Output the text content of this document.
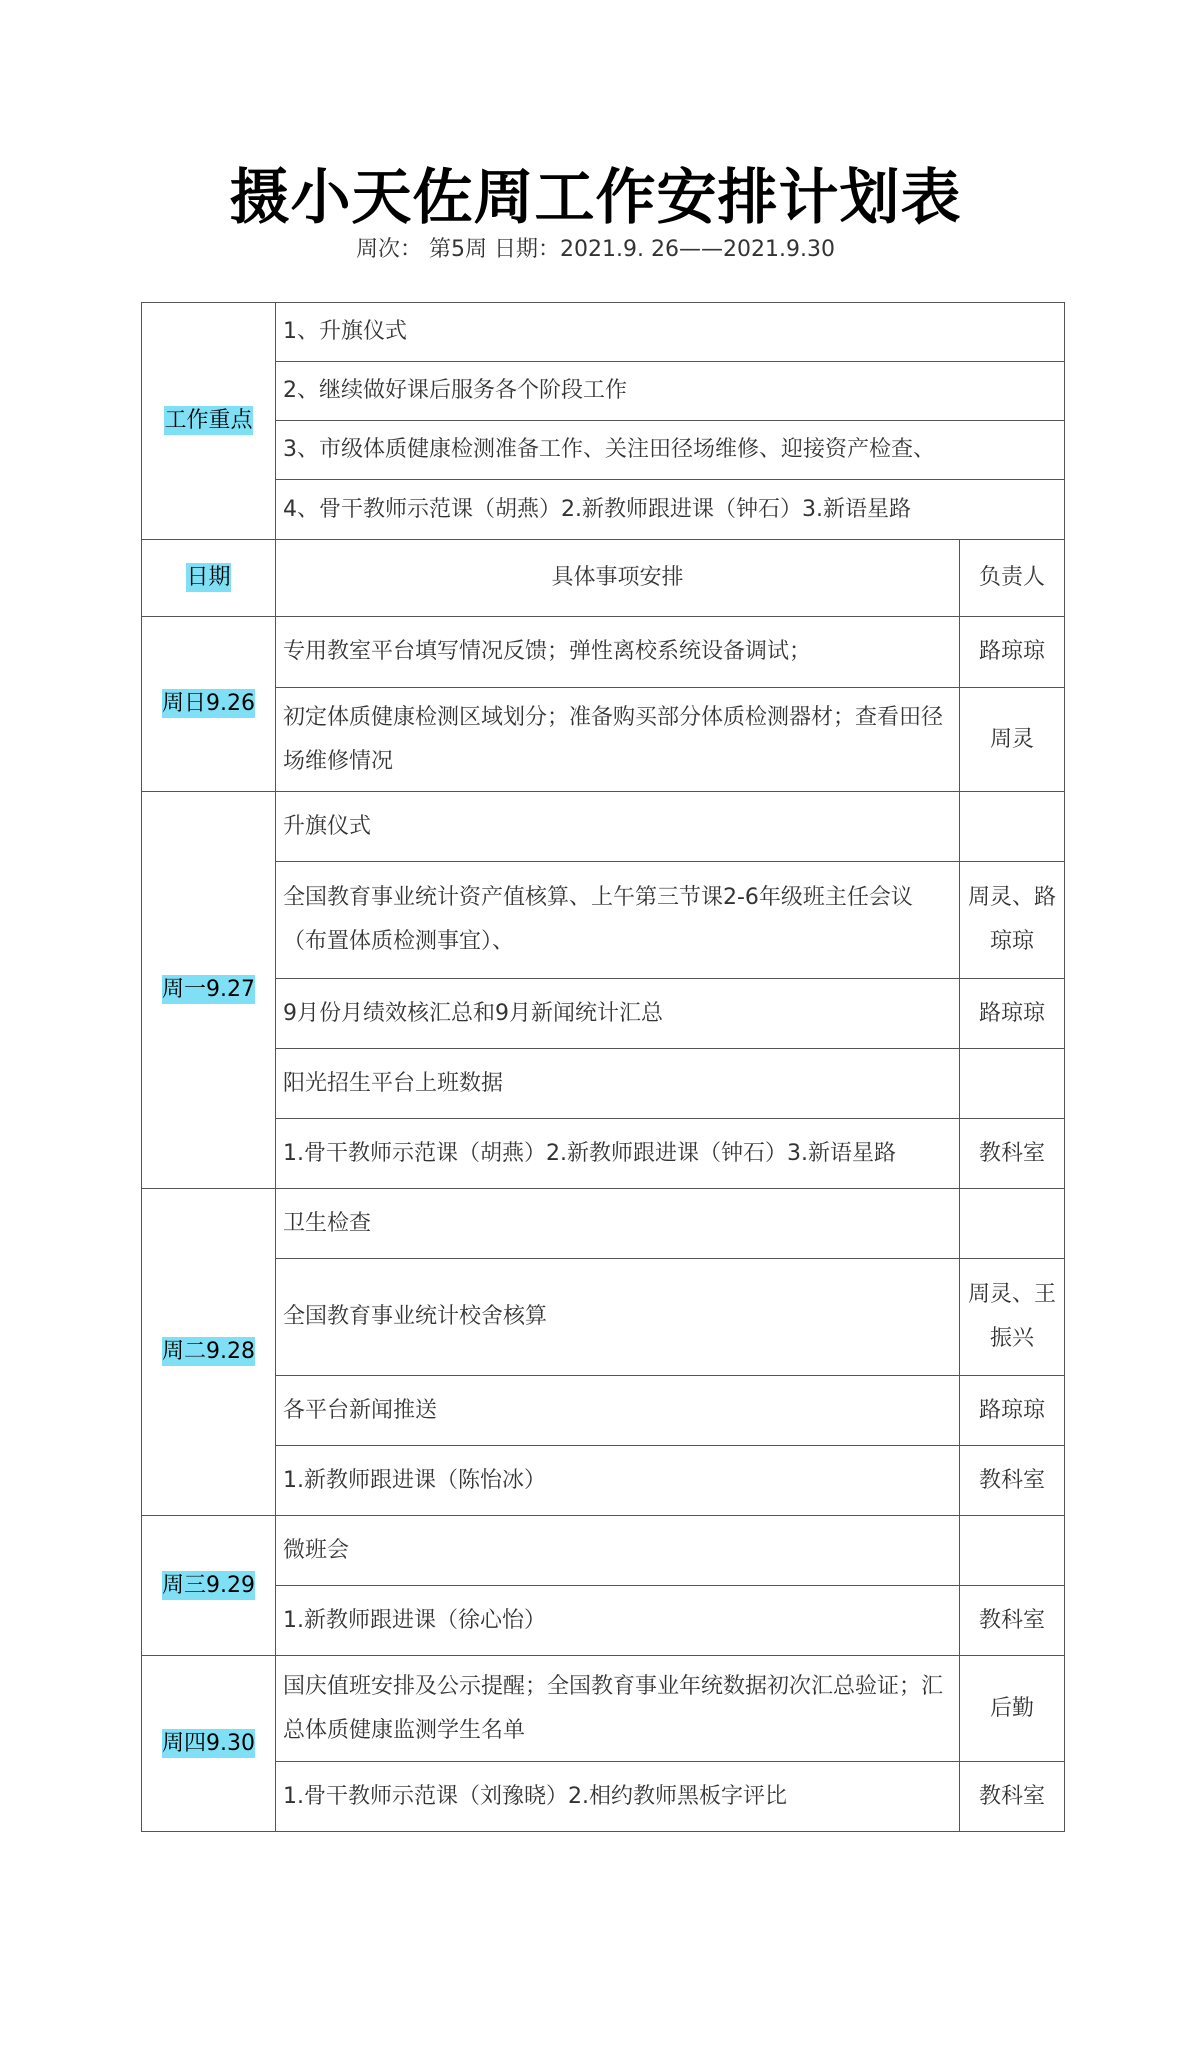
摄小天佐周工作安排计划表
周次： 第5周 日期：2021.9. 26——2021.9.30
工作重点	1、升旗仪式	
	2、继续做好课后服务各个阶段工作	
	3、市级体质健康检测准备工作、关注田径场维修、迎接资产检查、	
	4、骨干教师示范课（胡燕）2.新教师跟进课（钟石）3.新语星路	
日期	具体事项安排	负责人
周日9.26	专用教室平台填写情况反馈；弹性离校系统设备调试；	路琼琼
	初定体质健康检测区域划分；准备购买部分体质检测器材；查看田径场维修情况	周灵
周一9.27	升旗仪式	
	全国教育事业统计资产值核算、上午第三节课2-6年级班主任会议（布置体质检测事宜）、	周灵、路琼琼
	9月份月绩效核汇总和9月新闻统计汇总	路琼琼
	阳光招生平台上班数据	
	1.骨干教师示范课（胡燕）2.新教师跟进课（钟石）3.新语星路	教科室
周二9.28	卫生检查	
	全国教育事业统计校舍核算	周灵、王振兴
	各平台新闻推送	路琼琼
	1.新教师跟进课（陈怡冰）	教科室
周三9.29	微班会	
	1.新教师跟进课（徐心怡）	教科室
周四9.30	国庆值班安排及公示提醒；全国教育事业年统数据初次汇总验证；汇总体质健康监测学生名单	后勤
	1.骨干教师示范课（刘豫晓）2.相约教师黑板字评比	教科室
